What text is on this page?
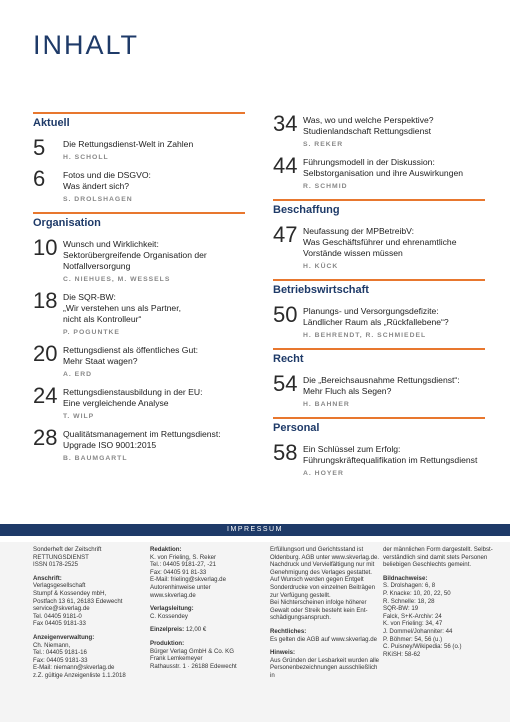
INHALT
Aktuell
5 Die Rettungsdienst-Welt in Zahlen
H. SCHOLL
6 Fotos und die DSGVO:
Was ändert sich?
S. DROLSHAGEN
Organisation
10 Wunsch und Wirklichkeit:
Sektorübergreifende Organisation der
Notfallversorgung
C. NIEHUES, M. WESSELS
18 Die SQR-BW:
„Wir verstehen uns als Partner,
nicht als Kontrolleur“
P. POGUNTKE
20 Rettungsdienst als öffentliches Gut:
Mehr Staat wagen?
A. ERD
24 Rettungsdienstausbildung in der EU:
Eine vergleichende Analyse
T. WILP
28 Qualitätsmanagement im Rettungsdienst:
Upgrade ISO 9001:2015
B. BAUMGARTL
34 Was, wo und welche Perspektive?
Studienlandschaft Rettungsdienst
S. REKER
44 Führungsmodell in der Diskussion:
Selbstorganisation und ihre Auswirkungen
R. SCHMID
Beschaffung
47 Neufassung der MPBetreibV:
Was Geschäftsführer und ehrenamtliche
Vorstände wissen müssen
H. KÜCK
Betriebswirtschaft
50 Planungs- und Versorgungsdefizite:
Ländlicher Raum als „Rückfallebene“?
H. BEHRENDT, R. SCHMIEDEL
Recht
54 Die „Bereichsausnahme Rettungsdienst“:
Mehr Fluch als Segen?
H. BAHNER
Personal
58 Ein Schlüssel zum Erfolg:
Führungskräftequalifikation im Rettungsdienst
A. HOYER
IMPRESSUM
Sonderheft der Zeitschrift
RETTUNGSDIENST
ISSN 0178-2525
Anschrift:
Verlagsgesellschaft
Stumpf & Kossendey mbH,
Postfach 13 61, 26183 Edewecht
service@skverlag.de
Tel. 04405 9181-0
Fax 04405 9181-33
Anzeigenverwaltung:
Ch. Niemann,
Tel.: 04405 9181-16
Fax: 04405 9181-33
E-Mail: niemann@skverlag.de
z.Z. gültige Anzeigenliste 1.1.2018
Redaktion:
K. von Frieling, S. Reker
Tel.: 04405 9181-27, -21
Fax: 04405 91 81-33
E-Mail: frieling@skverlag.de
Autorenhinweise unter
www.skverlag.de
Verlagsleitung:
C. Kossendey
Einzelpreis: 12,00 €
Produktion:
Bürger Verlag GmbH & Co. KG
Frank Lemkemeyer
Rathausstr. 1 · 26188 Edewecht
Erfüllungsort und Gerichtsstand ist
Oldenburg. AGB unter www.skverlag.de.
Nachdruck und Vervielfältigung nur mit
Genehmigung des Verlages gestattet.
Auf Wunsch werden gegen Entgelt
Sonderdrucke von einzelnen Beiträgen
zur Verfügung gestellt.
Bei Nichterscheinen infolge höherer
Gewalt oder Streik besteht kein Ent-
schädigungsanspruch.
Rechtliches:
Es gelten die AGB auf www.skverlag.de
Hinweis:
Aus Gründen der Lesbarkeit wurden alle
Personenbezeichnungen ausschließlich in
der männlichen Form dargestellt. Selbst-
verständlich sind damit stets Personen
beliebigen Geschlechts gemeint.
Bildnachweise:
S. Drolshagen: 6, 8
P. Knacke: 10, 20, 22, 50
R. Schnelle: 18, 28
SQR-BW: 19
Falck, S+K-Archiv: 24
K. von Frieling: 34, 47
J. Dommel/Johanniter: 44
P. Böhmer: 54, 56 (u.)
C. Puisney/Wikipedia: 56 (o.)
RKiSH: 58-62
